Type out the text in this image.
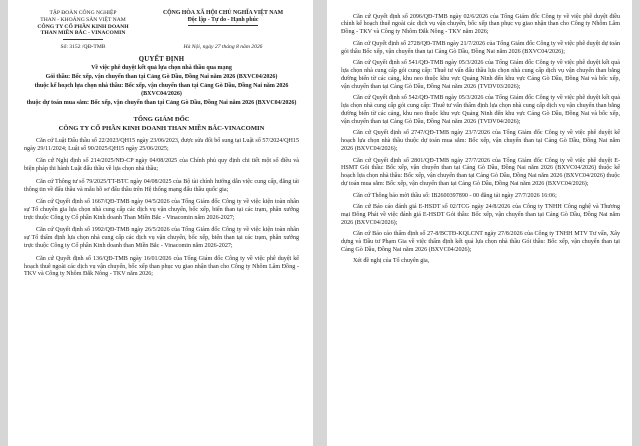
TẬP ĐOÀN CÔNG NGHIỆP
THAN - KHOÁNG SẢN VIỆT NAM
CÔNG TY CỔ PHẦN KINH DOANH
THAN MIỀN BẮC - VINACOMIN
CỘNG HÒA XÃ HỘI CHỦ NGHĨA VIỆT NAM
Độc lập - Tự do - Hạnh phúc
Số: 3152 /QĐ-TMB	Hà Nội, ngày 27 tháng 8 năm 2026
QUYẾT ĐỊNH
Về việc phê duyệt kết quả lựa chọn nhà thầu qua mạng
Gói thầu: Bốc xếp, vận chuyển than tại Cảng Gò Dầu, Đồng Nai năm 2026 (BXVC04/2026)
thuộc kế hoạch lựa chọn nhà thầu: Bốc xếp, vận chuyển than tại Cảng Gò Dầu, Đồng Nai năm 2026 (BXVC04/2026)
thuộc dự toán mua sắm: Bốc xếp, vận chuyển than tại Cảng Gò Dầu, Đồng Nai năm 2026 (BXVC04/2026)
TỔNG GIÁM ĐỐC
CÔNG TY CỔ PHẦN KINH DOANH THAN MIỀN BẮC-VINACOMIN

Căn cứ Luật Đấu thầu số 22/2023/QH15 ngày 23/06/2023, được sửa đổi bổ sung tại Luật số 57/2024/QH15 ngày 29/11/2024; Luật số 90/2025/QH15 ngày 25/06/2025;

Căn cứ Nghị định số 214/2025/NĐ-CP ngày 04/08/2025 của Chính phủ quy định chi tiết một số điều và biện pháp thi hành Luật đấu thầu về lựa chọn nhà thầu;

Căn cứ Thông tư số 79/2025/TT-BTC ngày 04/08/2025 của Bộ tài chính hướng dẫn việc cung cấp, đăng tải thông tin về đấu thầu và mẫu hồ sơ đấu thầu trên Hệ thống mạng đấu thầu quốc gia;

Căn cứ Quyết định số 1667/QĐ-TMB ngày 04/5/2026 của Tổng Giám đốc Công ty về việc kiện toàn nhân sự Tổ chuyên gia lựa chọn nhà cung cấp các dịch vụ vận chuyển, bốc xếp, biển than tại các trạm, phân xưởng trực thuộc Công ty Cổ phần Kinh doanh Than Miền Bắc - Vinacomin năm 2026-2027;

Căn cứ Quyết định số 1992/QĐ-TMB ngày 26/5/2026 của Tổng Giám đốc Công ty về việc kiện toàn nhân sự Tổ thẩm định lựa chọn nhà cung cấp các dịch vụ vận chuyển, bốc xếp, biển than tại các trạm, phân xưởng trực thuộc Công ty Cổ phần Kinh doanh than Miền Bắc - Vinacomin năm 2026-2027;

Căn cứ Quyết định số 136/QĐ-TMB ngày 16/01/2026 của Tổng Giám đốc Công ty về việc phê duyệt kế hoạch thuê ngoài các dịch vụ vận chuyển, bốc xếp than phục vụ giao nhận than cho Công ty Nhôm Lâm Đồng - TKV và Công ty Nhôm Đắk Nông - TKV năm 2026;

Căn cứ Quyết định số 2096/QĐ-TMB ngày 02/6/2026 của Tổng Giám đốc Công ty về việc phê duyệt điều chỉnh kế hoạch thuê ngoài các dịch vụ vận chuyển, bốc xếp than phục vụ giao nhận than cho Công ty Nhôm Lâm Đồng - TKV và Công ty Nhôm Đắk Nông - TKV năm 2026;

Căn cứ Quyết định số 2728/QĐ-TMB ngày 21/7/2026 của Tổng Giám đốc Công ty về việc phê duyệt dự toán gói thầu Bốc xếp, vận chuyển than tại Cảng Gò Dầu, Đồng Nai năm 2026 (BXVC04/2026);

Căn cứ Quyết định số 541/QĐ-TMB ngày 05/3/2026 của Tổng Giám đốc Công ty về việc phê duyệt kết quả lựa chọn nhà cung cấp gói cung cấp: Thuê tư vấn đấu thầu lựa chọn nhà cung cấp dịch vụ vận chuyển than bằng đường biển từ các cảng, khu neo thuộc khu vực Quảng Ninh đến khu vực Cảng Gò Dầu, Đồng Nai và bốc xếp, vận chuyển than tại Cảng Gò Dầu, Đồng Nai năm 2026 (TVDV03/2026);

Căn cứ Quyết định số 542/QĐ-TMB ngày 05/3/2026 của Tổng Giám đốc Công ty về việc phê duyệt kết quả lựa chọn nhà cung cấp gói cung cấp: Thuê tư vấn thẩm định lựa chọn nhà cung cấp dịch vụ vận chuyển than bằng đường biển từ các cảng, khu neo thuộc khu vực Quảng Ninh đến khu vực Cảng Gò Dầu, Đồng Nai và bốc xếp, vận chuyển than tại Cảng Gò Dầu, Đồng Nai năm 2026 (TVDV04/2026);

Căn cứ Quyết định số 2747/QĐ-TMB ngày 23/7/2026 của Tổng Giám đốc Công ty về việc phê duyệt kế hoạch lựa chọn nhà thầu thuộc dự toán mua sắm: Bốc xếp, vận chuyển than tại Cảng Gò Dầu, Đồng Nai năm 2026 (BXVC04/2026);

Căn cứ Quyết định số 2801/QĐ-TMB ngày 27/7/2026 của Tổng Giám đốc Công ty về việc phê duyệt E-HSMT Gói thầu: Bốc xếp, vận chuyển than tại Cảng Gò Dầu, Đồng Nai năm 2026 (BXVC04/2026) thuộc kế hoạch lựa chọn nhà thầu: Bốc xếp, vận chuyển than tại Cảng Gò Dầu, Đồng Nai năm 2026 (BXVC04/2026) thuộc dự toán mua sắm: Bốc xếp, vận chuyển than tại Cảng Gò Dầu, Đồng Nai năm 2026 (BXVC04/2026);

Căn cứ Thông báo mời thầu số: IB2600397890 - 00 đăng tải ngày 27/7/2026 16:06;

Căn cứ Báo cáo đánh giá E-HSDT số 02/TCG ngày 24/8/2026 của Công ty TNHH Công nghệ và Thương mại Đông Phát về việc đánh giá E-HSDT Gói thầu: Bốc xếp, vận chuyển than tại Cảng Gò Dầu, Đồng Nai năm 2026 (BXVC04/2026);

Căn cứ Báo cáo thẩm định số 27-8/BCTĐ-KQLCNT ngày 27/8/2026 của Công ty TNHH MTV Tư vấn, Xây dựng và Đầu tư Phạm Gia về việc thẩm định kết quả lựa chọn nhà thầu Gói thầu: Bốc xếp, vận chuyển than tại Cảng Gò Dầu, Đồng Nai năm 2026 (BXVC04/2026);

Xét đề nghị của Tổ chuyên gia,
